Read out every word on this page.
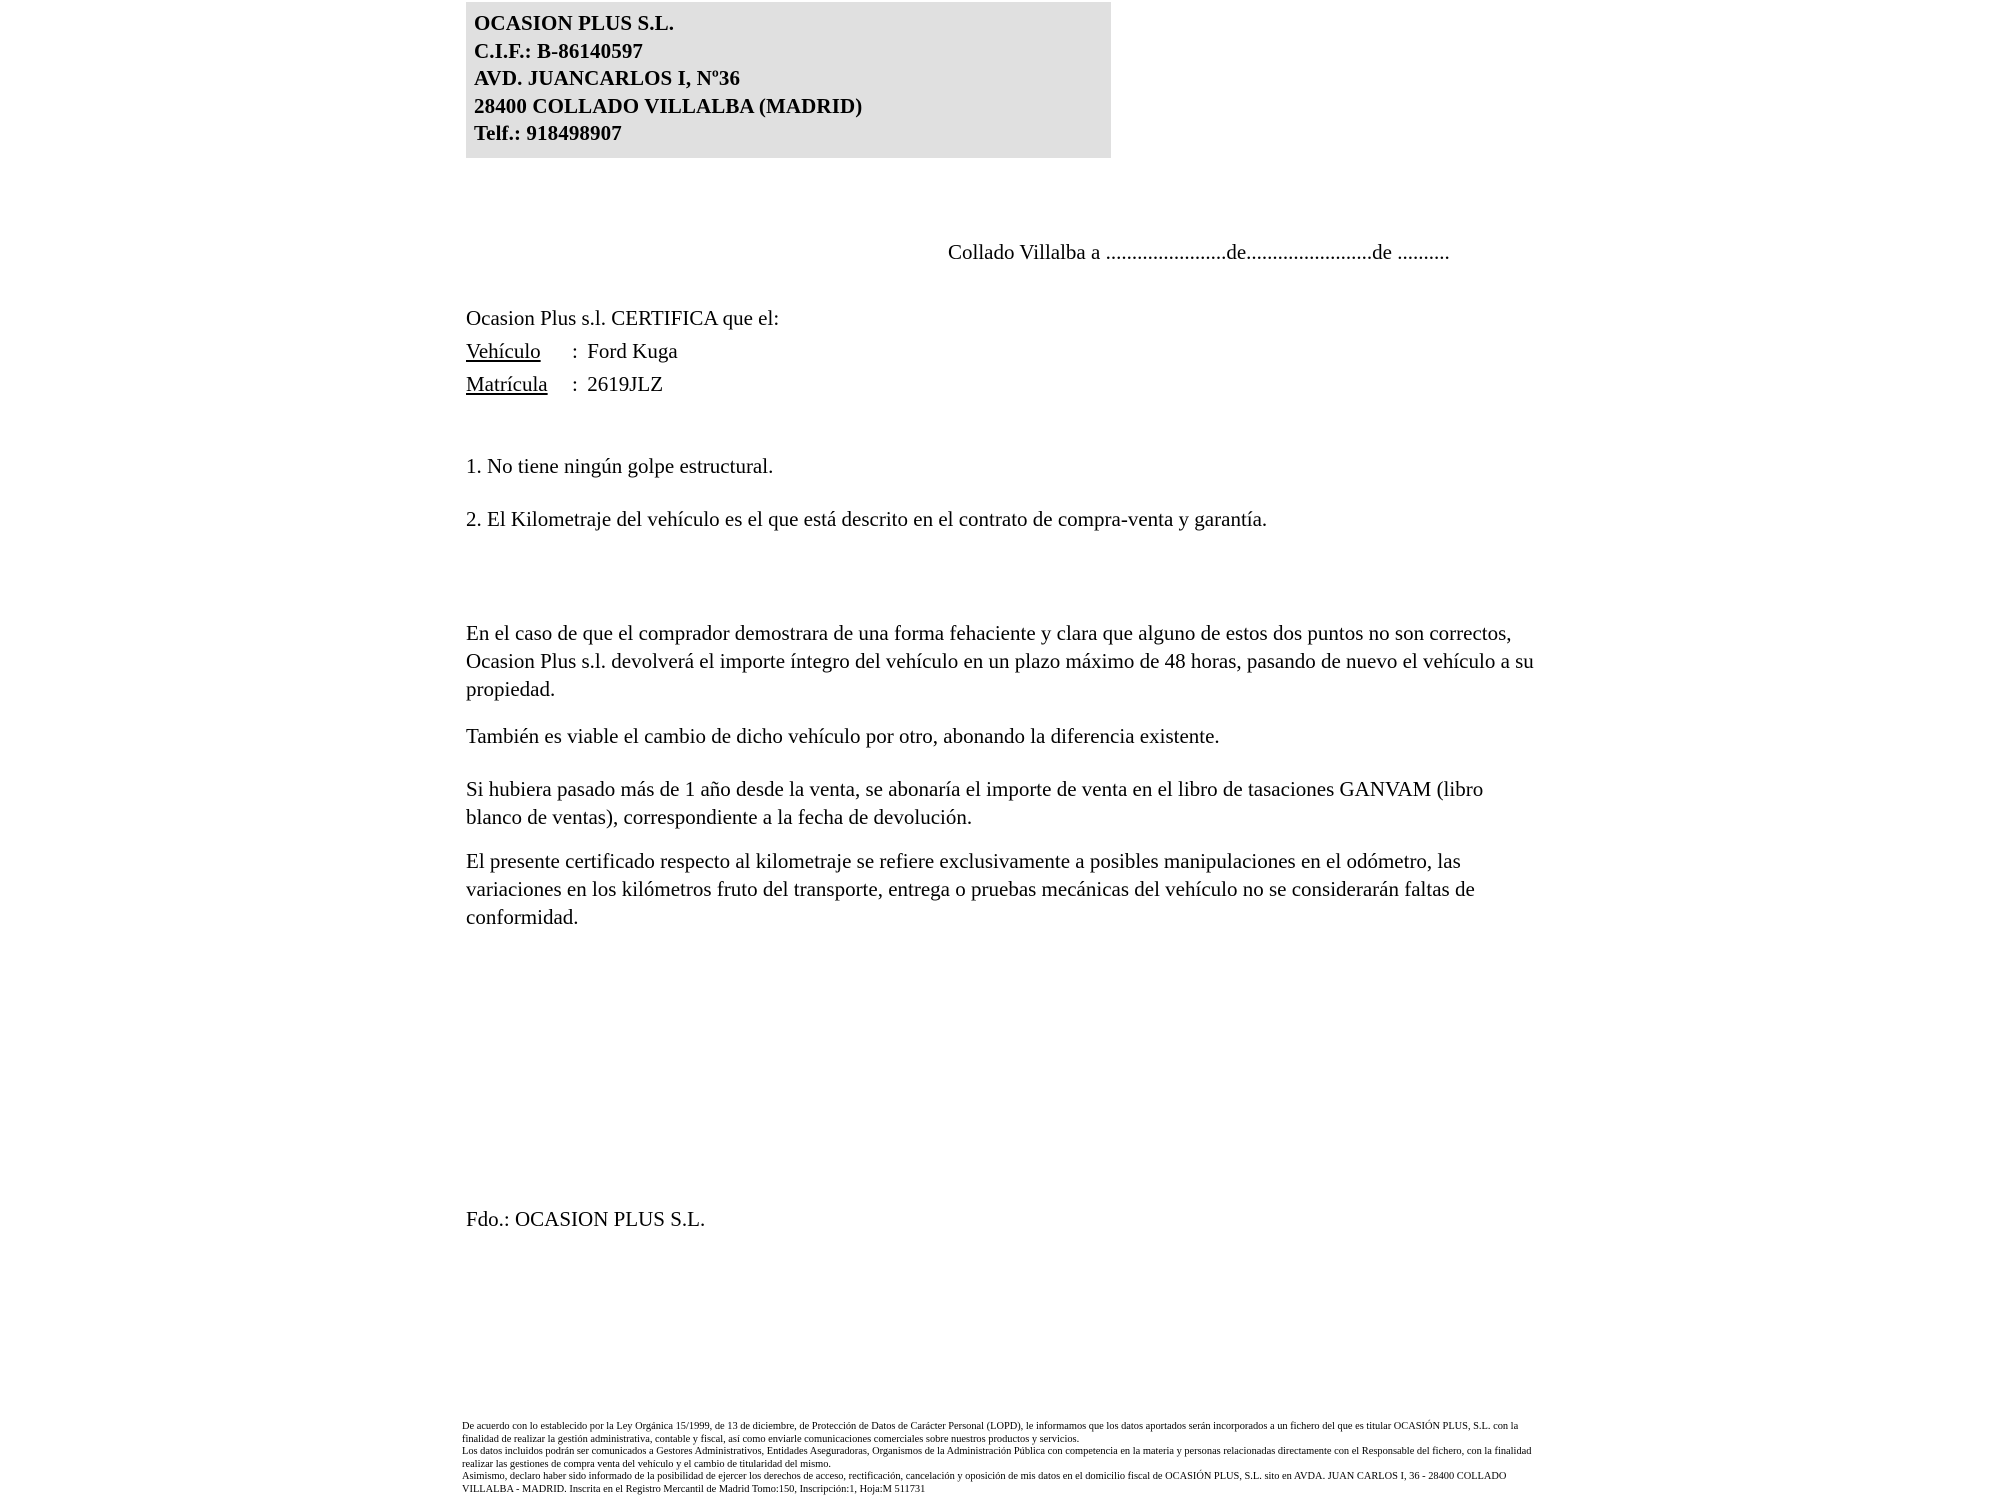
OCASION PLUS S.L.
C.I.F.: B-86140597
AVD. JUANCARLOS I, Nº36
28400 COLLADO VILLALBA (MADRID)
Telf.: 918498907
Collado Villalba a .......................de........................de ..........
Ocasion Plus s.l. CERTIFICA que el:
Vehículo : Ford Kuga
Matrícula : 2619JLZ
1. No tiene ningún golpe estructural.
2. El Kilometraje del vehículo es el que está descrito en el contrato de compra-venta y garantía.
En el caso de que el comprador demostrara de una forma fehaciente y clara que alguno de estos dos puntos no son correctos, Ocasion Plus s.l. devolverá el importe íntegro del vehículo en un plazo máximo de 48 horas, pasando de nuevo el vehículo a su propiedad.
También es viable el cambio de dicho vehículo por otro, abonando la diferencia existente.
Si hubiera pasado más de 1 año desde la venta, se abonaría el importe de venta en el libro de tasaciones GANVAM (libro blanco de ventas), correspondiente a la fecha de devolución.
El presente certificado respecto al kilometraje se refiere exclusivamente a posibles manipulaciones en el odómetro, las variaciones en los kilómetros fruto del transporte, entrega o pruebas mecánicas del vehículo no se considerarán faltas de conformidad.
Fdo.: OCASION PLUS S.L.

De acuerdo con lo establecido por la Ley Orgánica 15/1999, de 13 de diciembre, de Protección de Datos de Carácter Personal (LOPD), le informamos que los datos aportados serán incorporados a un fichero del que es titular OCASIÓN PLUS, S.L. con la finalidad de realizar la gestión administrativa, contable y fiscal, así como enviarle comunicaciones comerciales sobre nuestros productos y servicios.

Los datos incluidos podrán ser comunicados a Gestores Administrativos, Entidades Aseguradoras, Organismos de la Administración Pública con competencia en la materia y personas relacionadas directamente con el Responsable del fichero, con la finalidad realizar las gestiones de compra venta del vehículo y el cambio de titularidad del mismo.

Asimismo, declaro haber sido informado de la posibilidad de ejercer los derechos de acceso, rectificación, cancelación y oposición de mis datos en el domicilio fiscal de OCASIÓN PLUS, S.L. sito en AVDA. JUAN CARLOS I, 36 - 28400 COLLADO VILLALBA - MADRID. Inscrita en el Registro Mercantil de Madrid Tomo:150, Inscripción:1, Hoja:M 511731
